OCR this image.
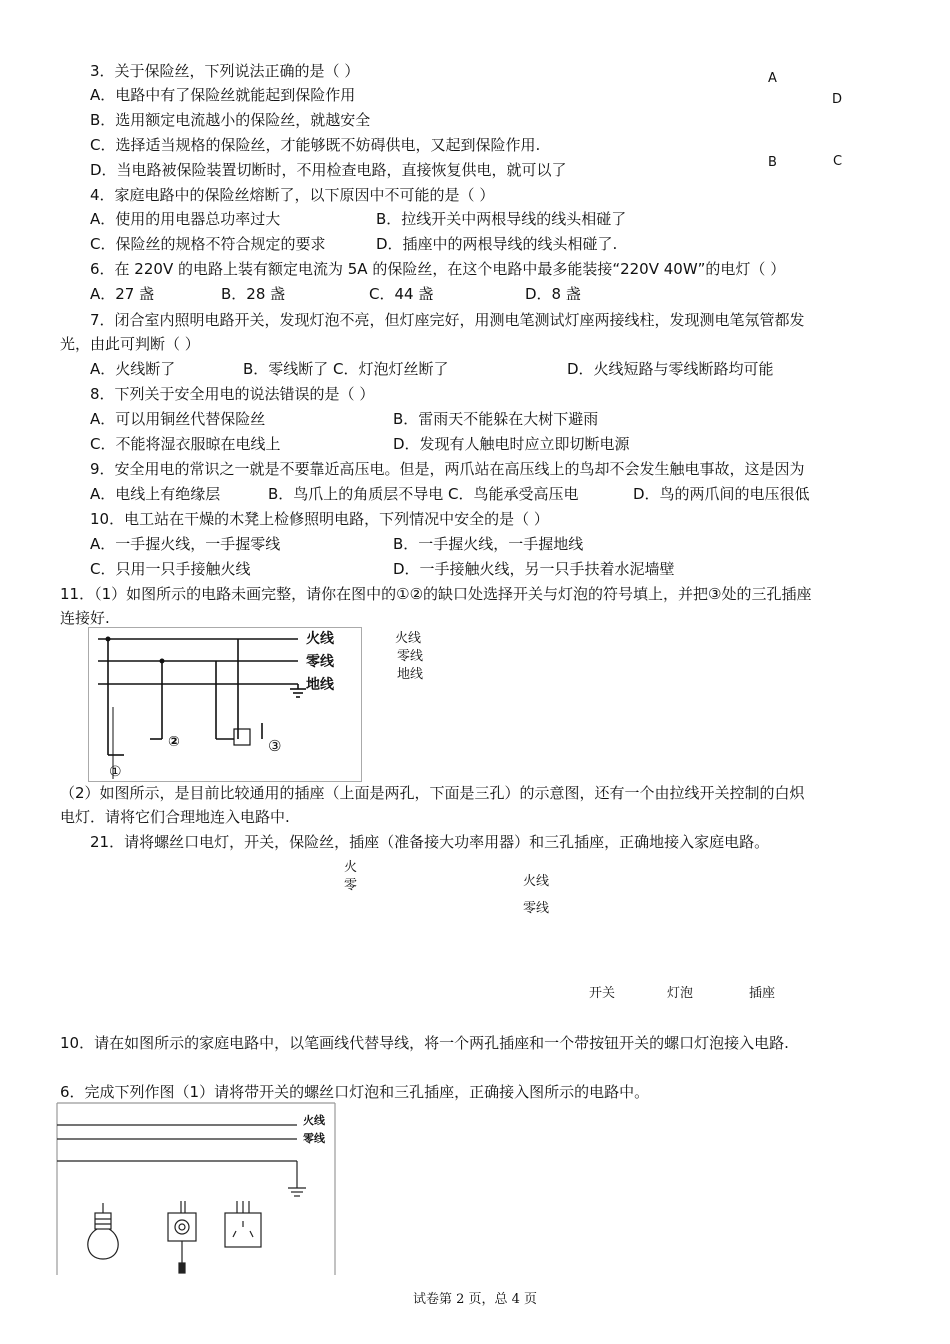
3．关于保险丝，下列说法正确的是（ ）
A．电路中有了保险丝就能起到保险作用
B．选用额定电流越小的保险丝，就越安全
C．选择适当规格的保险丝，才能够既不妨碍供电，又起到保险作用.
D．当电路被保险装置切断时，不用检查电路，直接恢复供电，就可以了
A
D
B	C
4．家庭电路中的保险丝熔断了，以下原因中不可能的是（ ）
A．使用的用电器总功率过大	B．拉线开关中两根导线的线头相碰了
C．保险丝的规格不符合规定的要求	D．插座中的两根导线的线头相碰了.
6．在 220V 的电路上装有额定电流为 5A 的保险丝，在这个电路中最多能装接“220V 40W”的电灯（ ）
A．27 盏	B．28 盏	C．44 盏	D．8 盏
7．闭合室内照明电路开关，发现灯泡不亮，但灯座完好，用测电笔测试灯座两接线柱，发现测电笔氖管都发
光，由此可判断（ ）
A．火线断了	B．零线断了 C．灯泡灯丝断了	D．火线短路与零线断路均可能
8．下列关于安全用电的说法错误的是（ ）
A．可以用铜丝代替保险丝	B．雷雨天不能躲在大树下避雨
C．不能将湿衣服晾在电线上	D．发现有人触电时应立即切断电源
9．安全用电的常识之一就是不要靠近高压电。但是，两爪站在高压线上的鸟却不会发生触电事故，这是因为
A．电线上有绝缘层	B．鸟爪上的角质层不导电 C．鸟能承受高压电	D．鸟的两爪间的电压很低
10．电工站在干燥的木凳上检修照明电路，下列情况中安全的是（ ）
A．一手握火线，一手握零线	B．一手握火线，一手握地线
C．只用一只手接触火线	D．一手接触火线，另一只手扶着水泥墙壁
11．（1）如图所示的电路未画完整，请你在图中的①②的缺口处选择开关与灯泡的符号填上，并把③处的三孔插座
连接好.
火线
零线
地线
①
②	③
火线
零线
地线
（2）如图所示，是目前比较通用的插座（上面是两孔，下面是三孔）的示意图，还有一个由拉线开关控制的白炽
电灯．请将它们合理地连入电路中.
21．请将螺丝口电灯，开关，保险丝，插座（准备接大功率用器）和三孔插座，正确地接入家庭电路。
火
零	火线
零线
开关	灯泡	插座
10．请在如图所示的家庭电路中，以笔画线代替导线，将一个两孔插座和一个带按钮开关的螺口灯泡接入电路.
6．完成下列作图（1）请将带开关的螺丝口灯泡和三孔插座，正确接入图所示的电路中。
火线
零线
试卷第 2 页，总 4 页
